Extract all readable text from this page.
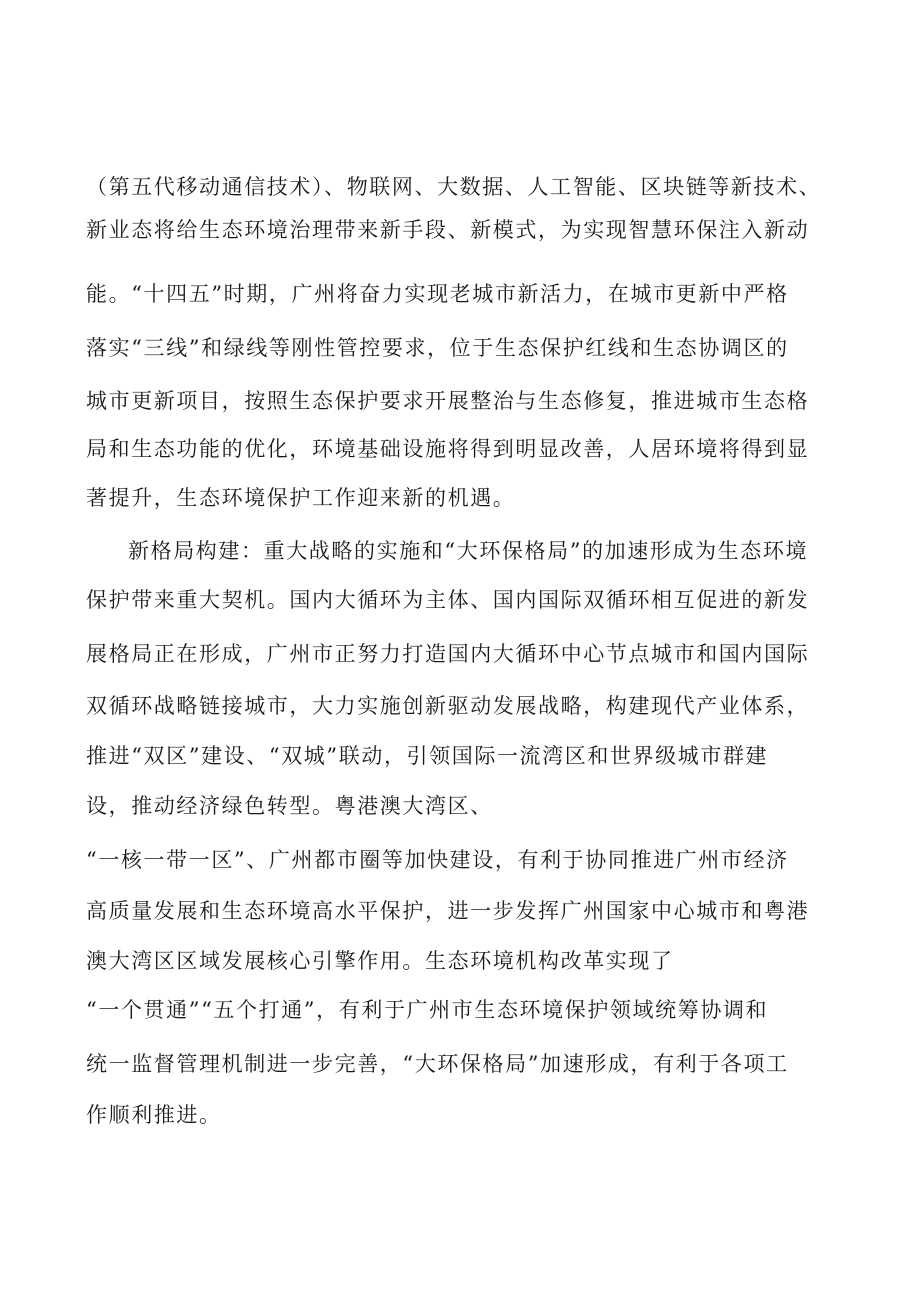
（第五代移动通信技术）、物联网、大数据、人工智能、区块链等新技术、
新业态将给生态环境治理带来新手段、新模式，为实现智慧环保注入新动
能。“十四五”时期，广州将奋力实现老城市新活力，在城市更新中严格
落实“三线”和绿线等刚性管控要求，位于生态保护红线和生态协调区的
城市更新项目，按照生态保护要求开展整治与生态修复，推进城市生态格
局和生态功能的优化，环境基础设施将得到明显改善，人居环境将得到显
著提升，生态环境保护工作迎来新的机遇。
新格局构建：重大战略的实施和“大环保格局”的加速形成为生态环境
保护带来重大契机。国内大循环为主体、国内国际双循环相互促进的新发
展格局正在形成，广州市正努力打造国内大循环中心节点城市和国内国际
双循环战略链接城市，大力实施创新驱动发展战略，构建现代产业体系，
推进“双区”建设、“双城”联动，引领国际一流湾区和世界级城市群建
设，推动经济绿色转型。粤港澳大湾区、
“一核一带一区”、广州都市圈等加快建设，有利于协同推进广州市经济
高质量发展和生态环境高水平保护，进一步发挥广州国家中心城市和粤港
澳大湾区区域发展核心引擎作用。生态环境机构改革实现了
“一个贯通”“五个打通”，有利于广州市生态环境保护领域统筹协调和
统一监督管理机制进一步完善，“大环保格局”加速形成，有利于各项工
作顺利推进。
